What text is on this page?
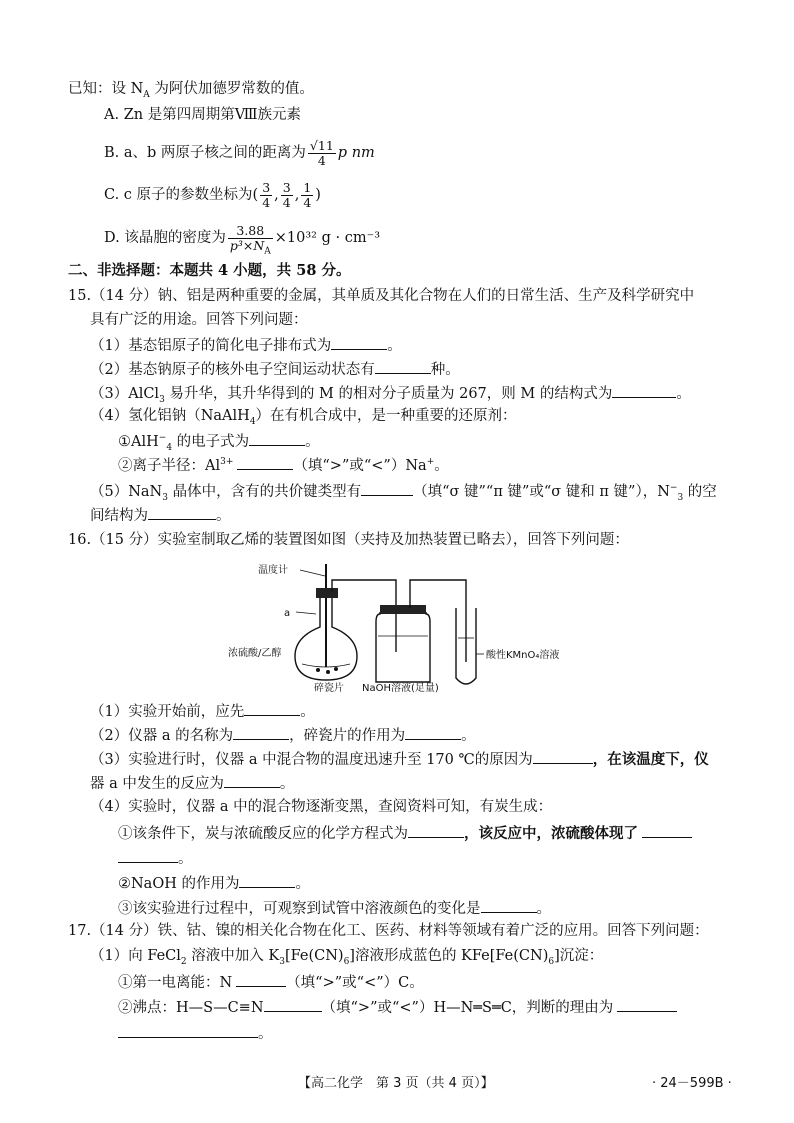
已知：设 $N_A$ 为阿伏加德罗常数的值。
A. Zn 是第四周期第Ⅷ族元素
B. a、b 两原子核之间的距离为 $\frac{√11}{4}$ p nm
C. c 原子的参数坐标为( $\frac{3}{4}$ , $\frac{3}{4}$ , $\frac{1}{4}$ )
D. 该晶胞的密度为 $\frac{3.88}{p^3\times N_A} \times 10^{32}$ g · cm⁻³
二、非选择题：本题共 4 小题，共 58 分。
15.（14 分）钠、铝是两种重要的金属，其单质及其化合物在人们的日常生活、生产及科学研究中
具有广泛的用途。回答下列问题：
（1）基态铝原子的简化电子排布式为	。
（2）基态钠原子的核外电子空间运动状态有	种。
（3）AlCl$_3$ 易升华，其升华得到的 M 的相对分子质量为 267，则 M 的结构式为	。
（4）氢化铝钠（NaAlH$_4$）在有机合成中，是一种重要的还原剂：
①AlH−$_4$ 的电子式为	。
②离子半径：$Al^{3+}$	（填“>”或“<”）Na+。
（5）NaN$_3$ 晶体中，含有的共价键类型有	（填“σ 键”“π 键”或“σ 键和 π 键”），$N^-_3$ 的空
间结构为	。
16.（15 分）实验室制取乙烯的装置图如图（夹持及加热装置已略去），回答下列问题：
温度计
a
浓硫酸/乙醇
碎瓷片 NaOH溶液(足量)
酸性KMnO₄溶液
（1）实验开始前，应先	。
（2）仪器 a 的名称为	，碎瓷片的作用为	。
（3）实验进行时，仪器 a 中混合物的温度迅速升至 170 ℃的原因为	，在该温度下，仪
器 a 中发生的反应为	。
（4）实验时，仪器 a 中的混合物逐渐变黑，查阅资料可知，有炭生成：
①该条件下，炭与浓硫酸反应的化学方程式为	，该反应中，浓硫酸体现了
。
②NaOH 的作用为	。
③该实验进行过程中，可观察到试管中溶液颜色的变化是	。
17.（14 分）铁、钴、镍的相关化合物在化工、医药、材料等领域有着广泛的应用。回答下列问题：
（1）向 FeCl$_2$ 溶液中加入 $K_3[Fe(CN)_6]$溶液形成蓝色的 $KFe[Fe(CN)_6]$沉淀：
①第一电离能：N	（填“>”或“<”）C。
②沸点：H—S—C≡N	（填“>”或“<”）H—N═S═C，判断的理由为
。
【高二化学　第 3 页（共 4 页）】	· 24－599B ·
